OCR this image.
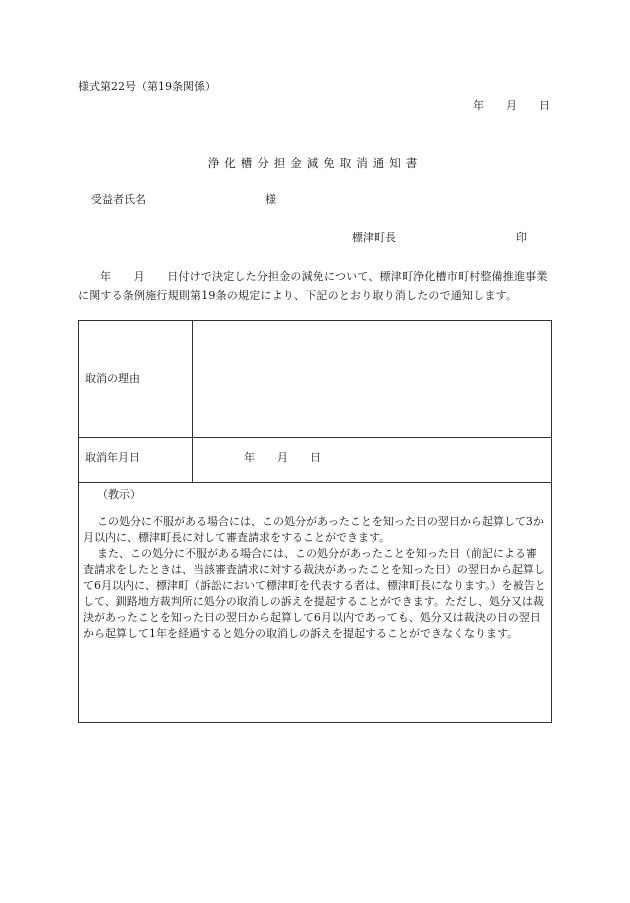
様式第22号（第19条関係）
年　　月　　日
浄化槽分担金減免取消通知書
受益者氏名	様
標津町長	印
年　　月　　日付けで決定した分担金の減免について、標津町浄化槽市町村整備推進事業に関する条例施行規則第19条の規定により、下記のとおり取り消したので通知します。
取消の理由
取消年月日	年　　月　　日
（教示）

この処分に不服がある場合には、この処分があったことを知った日の翌日から起算して3か月以内に、標津町長に対して審査請求をすることができます。

また、この処分に不服がある場合には、この処分があったことを知った日（前記による審査請求をしたときは、当該審査請求に対する裁決があったことを知った日）の翌日から起算して6月以内に、標津町（訴訟において標津町を代表する者は、標津町長になります。）を被告として、釧路地方裁判所に処分の取消しの訴えを提起することができます。ただし、処分又は裁決があったことを知った日の翌日から起算して6月以内であっても、処分又は裁決の日の翌日から起算して1年を経過すると処分の取消しの訴えを提起することができなくなります。
